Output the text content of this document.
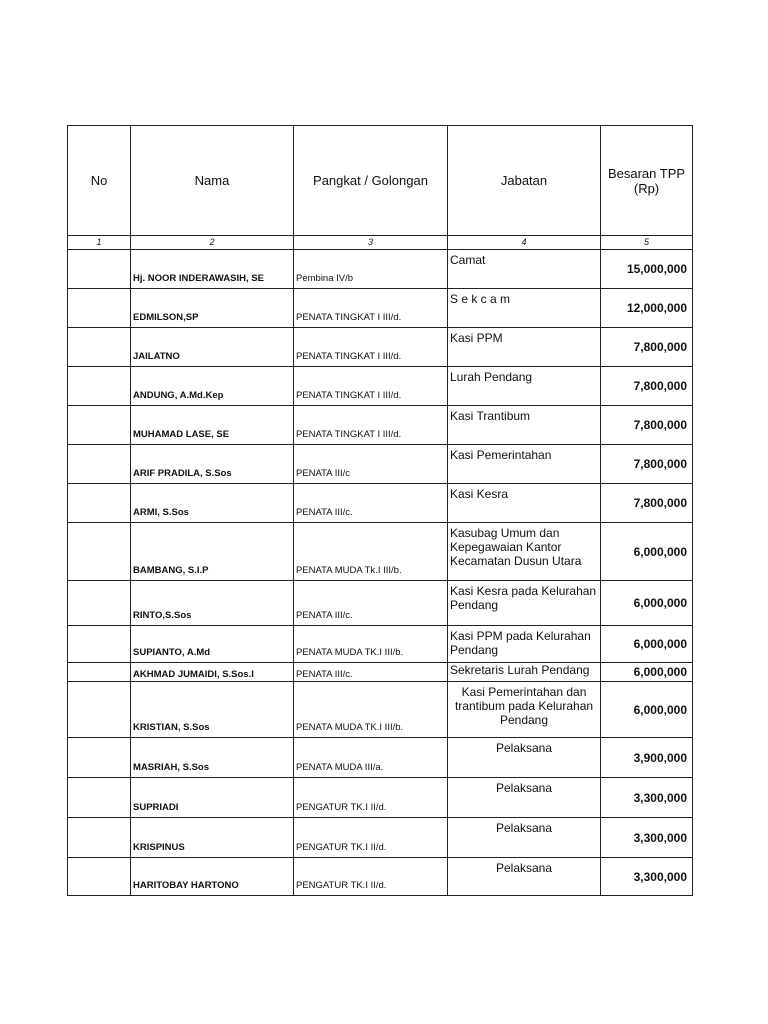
No	Nama	Pangkat / Golongan	Jabatan	Besaran TPP
(Rp)
1	2	3	4	5
	Hj. NOOR INDERAWASIH, SE	Pembina IV/b	Camat	15,000,000
	EDMILSON,SP	PENATA TINGKAT I III/d.	S e k c a m	12,000,000
	JAILATNO	PENATA TINGKAT I III/d.	Kasi PPM	7,800,000
	ANDUNG, A.Md.Kep	PENATA TINGKAT I III/d.	Lurah Pendang	7,800,000
	MUHAMAD LASE, SE	PENATA TINGKAT I III/d.	Kasi Trantibum	7,800,000
	ARIF PRADILA, S.Sos	PENATA III/c	Kasi Pemerintahan	7,800,000
	ARMI, S.Sos	PENATA III/c.	Kasi Kesra	7,800,000
	BAMBANG, S.I.P	PENATA MUDA Tk.I III/b.	Kasubag Umum dan Kepegawaian Kantor Kecamatan Dusun Utara	6,000,000
	RINTO,S.Sos	PENATA III/c.	Kasi Kesra pada Kelurahan Pendang	6,000,000
	SUPIANTO, A.Md	PENATA MUDA TK.I III/b.	Kasi PPM pada Kelurahan Pendang	6,000,000
	AKHMAD JUMAIDI, S.Sos.I	PENATA III/c.	Sekretaris Lurah Pendang	6,000,000
	KRISTIAN, S.Sos	PENATA MUDA TK.I III/b.	Kasi Pemerintahan dan trantibum pada Kelurahan Pendang	6,000,000
	MASRIAH, S.Sos	PENATA MUDA III/a.	Pelaksana	3,900,000
	SUPRIADI	PENGATUR TK.I II/d.	Pelaksana	3,300,000
	KRISPINUS	PENGATUR TK.I II/d.	Pelaksana	3,300,000
	HARITOBAY HARTONO	PENGATUR TK.I II/d.	Pelaksana	3,300,000
